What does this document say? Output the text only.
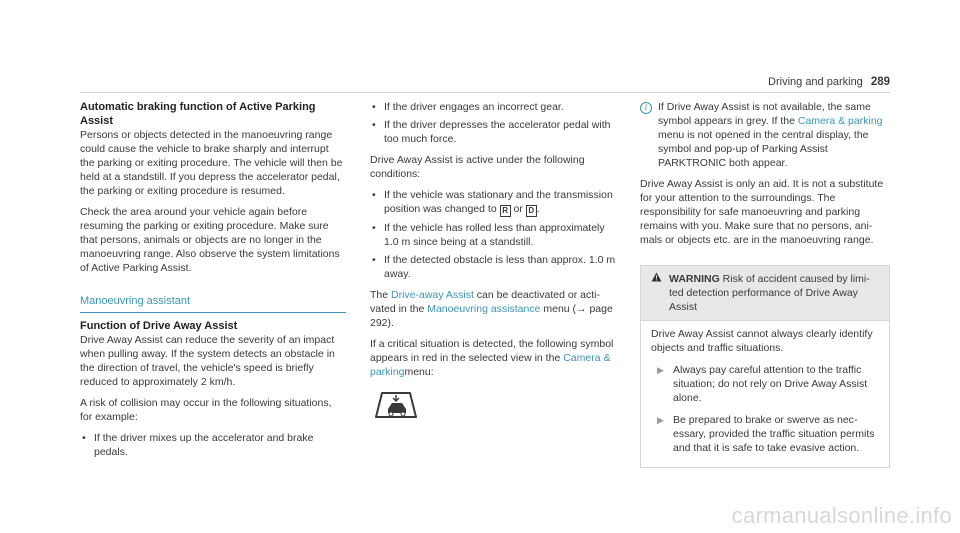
Driving and parking 289

Automatic braking function of Active Parking Assist

Persons or objects detected in the manoeuvring range could cause the vehicle to brake sharply and interrupt the parking or exiting procedure. The vehicle will then be held at a standstill. If you depress the accelerator pedal, the parking or exiting procedure is resumed.

Check the area around your vehicle again before resuming the parking or exiting procedure. Make sure that persons, animals or objects are no longer in the manoeuvring range. Also observe the system limitations of Active Parking Assist.

Manoeuvring assistant

Function of Drive Away Assist

Drive Away Assist can reduce the severity of an impact when pulling away. If the system detects an obstacle in the direction of travel, the vehicle's speed is briefly reduced to approximately 2 km/h.

A risk of collision may occur in the following situations, for example:

• If the driver mixes up the accelerator and brake pedals.
• If the driver engages an incorrect gear.
• If the driver depresses the accelerator pedal with too much force.

Drive Away Assist is active under the following conditions:

• If the vehicle was stationary and the transmission position was changed to R or D .
• If the vehicle has rolled less than approximately 1.0 m since being at a standstill.
• If the detected obstacle is less than approx. 1.0 m away.

The Drive-away Assist can be deactivated or activated in the Manoeuvring assistance menu (→ page 292).

If a critical situation is detected, the following symbol appears in red in the selected view in the Camera & parkingmenu:

i	If Drive Away Assist is not available, the same symbol appears in grey. If the Camera & parking menu is not opened in the central display, the symbol and pop-up of Parking Assist PARKTRONIC both appear.

Drive Away Assist is only an aid. It is not a substitute for your attention to the surroundings. The responsibility for safe manoeuvring and parking remains with you. Make sure that no persons, animals or objects etc. are in the manoeuvring range.

WARNING Risk of accident caused by limited detection performance of Drive Away Assist

Drive Away Assist cannot always clearly identify objects and traffic situations.

▶ Always pay careful attention to the traffic situation; do not rely on Drive Away Assist alone.
▶ Be prepared to brake or swerve as necessary, provided the traffic situation permits and that it is safe to take evasive action.
carmanualsonline.info
